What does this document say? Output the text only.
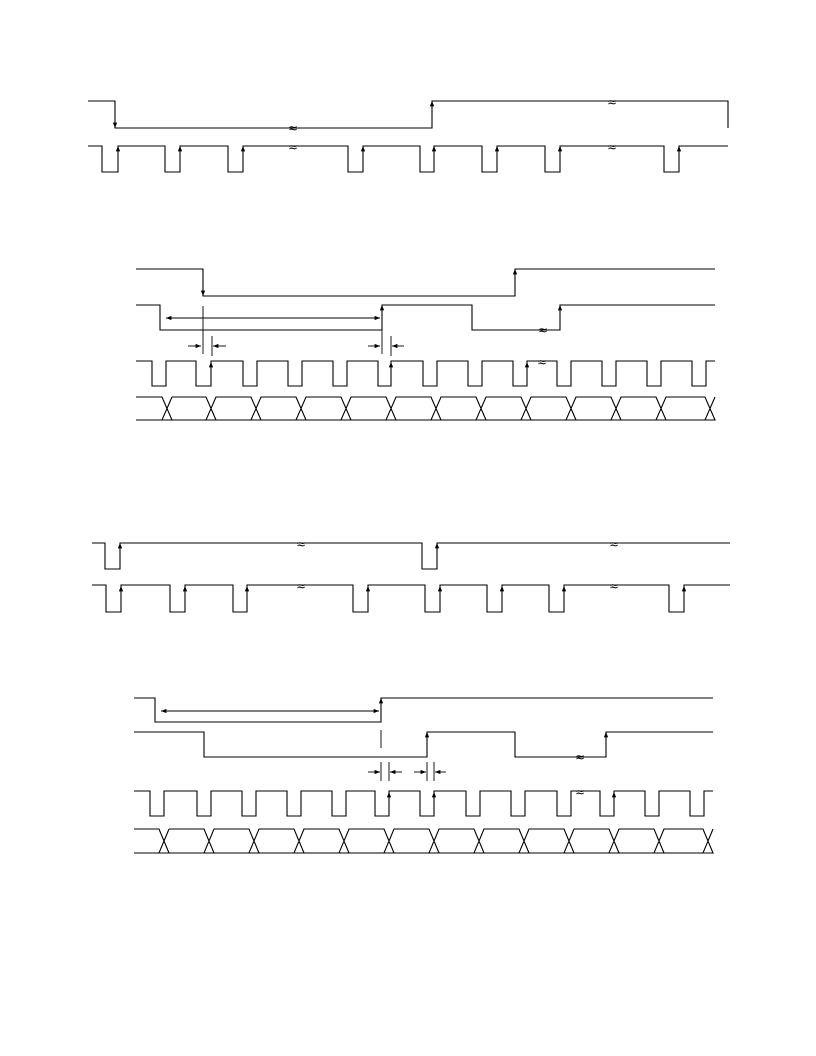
≈
≈
≈	≈
≈
≈
≈	≈
≈	≈
≈
≈
